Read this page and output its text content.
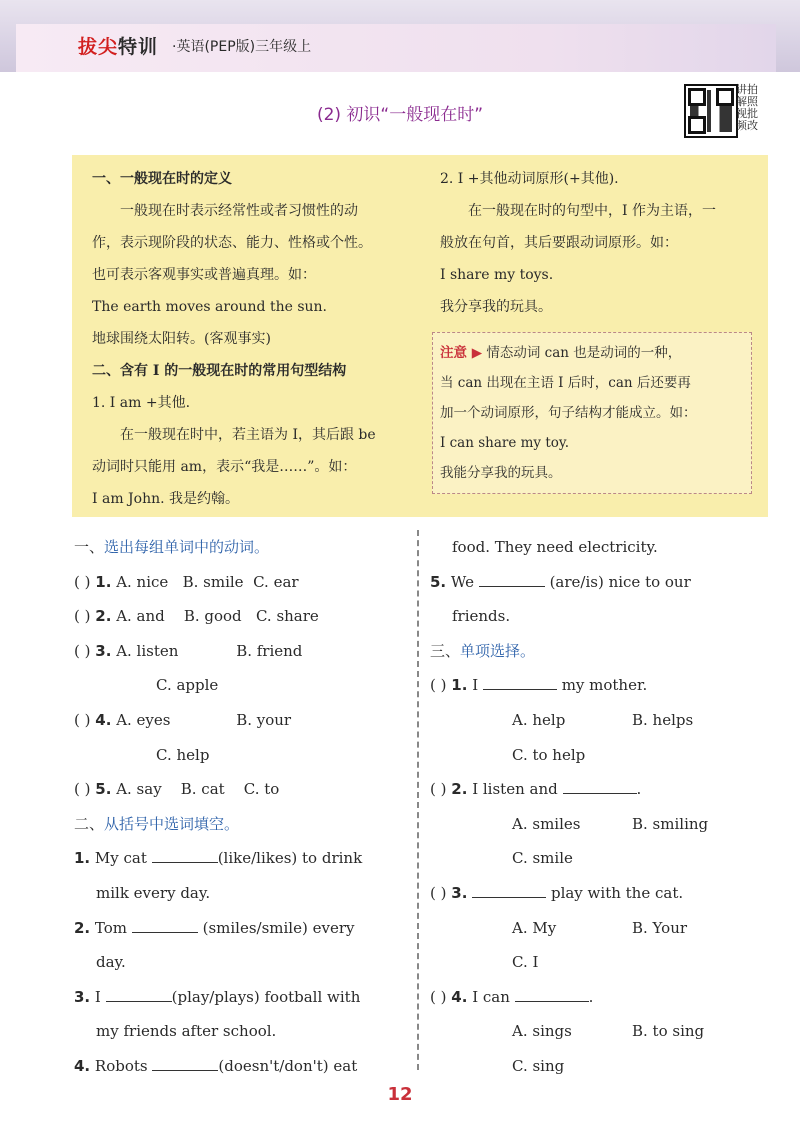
拔尖特训 ·英语(PEP版)三年级上
(2) 初识“一般现在时”
讲拍
解照
视批
频改
一、一般现在时的定义
一般现在时表示经常性或者习惯性的动
作，表示现阶段的状态、能力、性格或个性。
也可表示客观事实或普遍真理。如：
The earth moves around the sun.
地球围绕太阳转。(客观事实)
二、含有 I 的一般现在时的常用句型结构
1. I am +其他.
在一般现在时中，若主语为 I，其后跟 be
动词时只能用 am，表示“我是……”。如：
I am John. 我是约翰。
2. I +其他动词原形(+其他).
在一般现在时的句型中，I 作为主语，一
般放在句首，其后要跟动词原形。如：
I share my toys.
我分享我的玩具。
注意 ▶ 情态动词 can 也是动词的一种，
当 can 出现在主语 I 后时，can 后还要再
加一个动词原形，句子结构才能成立。如：
I can share my toy.
我能分享我的玩具。
一、选出每组单词中的动词。
( ) 1. A. nice   B. smile  C. ear
( ) 2. A. and    B. good   C. share
( ) 3. A. listen	B. friend
C. apple
( ) 4. A. eyes	B. your
C. help
( ) 5. A. say    B. cat    C. to
二、从括号中选词填空。
1. My cat	(like/likes) to drink
milk every day.
2. Tom	(smiles/smile) every
day.
3. I	(play/plays) football with
my friends after school.
4. Robots	(doesn't/don't) eat
food. They need electricity.
5. We	(are/is) nice to our
friends.
三、单项选择。
( ) 1. I	my mother.
A. help	B. helps
C. to help
( ) 2. I listen and	.
A. smiles	B. smiling
C. smile
( ) 3.	play with the cat.
A. My	B. Your
C. I
( ) 4. I can	.
A. sings	B. to sing
C. sing
12
